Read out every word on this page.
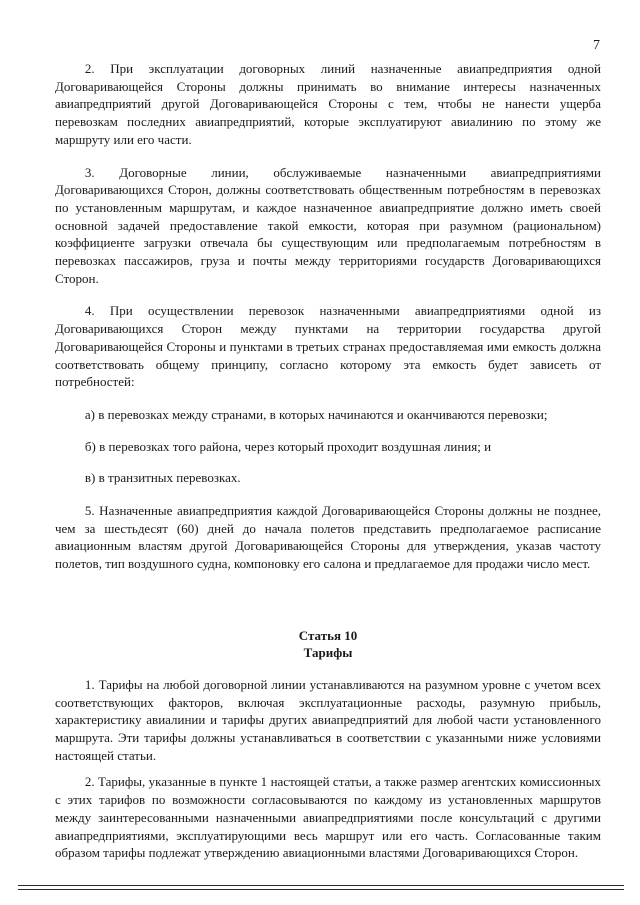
7

2. При эксплуатации договорных линий назначенные авиапредприятия одной Договаривающейся Стороны должны принимать во внимание интересы назначенных авиапредприятий другой Договаривающейся Стороны с тем, чтобы не нанести ущерба перевозкам последних авиапредприятий, которые эксплуатируют авиалинию по этому же маршруту или его части.

3. Договорные линии, обслуживаемые назначенными авиапредприятиями Договаривающихся Сторон, должны соответствовать общественным потребностям в перевозках по установленным маршрутам, и каждое назначенное авиапредприятие должно иметь своей основной задачей предоставление такой емкости, которая при разумном (рациональном) коэффициенте загрузки отвечала бы существующим или предполагаемым потребностям в перевозках пассажиров, груза и почты между территориями государств Договаривающихся Сторон.

4. При осуществлении перевозок назначенными авиапредприятиями одной из Договаривающихся Сторон между пунктами на территории государства другой Договаривающейся Стороны и пунктами в третьих странах предоставляемая ими емкость должна соответствовать общему принципу, согласно которому эта емкость будет зависеть от потребностей:

а) в перевозках между странами, в которых начинаются и оканчиваются перевозки;

б) в перевозках того района, через который проходит воздушная линия; и

в) в транзитных перевозках.

5. Назначенные авиапредприятия каждой Договаривающейся Стороны должны не позднее, чем за шестьдесят (60) дней до начала полетов представить предполагаемое расписание авиационным властям другой Договаривающейся Стороны для утверждения, указав частоту полетов, тип воздушного судна, компоновку его салона и предлагаемое для продажи число мест.

Статья 10

Тарифы

1. Тарифы на любой договорной линии устанавливаются на разумном уровне с учетом всех соответствующих факторов, включая эксплуатационные расходы, разумную прибыль, характеристику авиалинии и тарифы других авиапредприятий для любой части установленного маршрута. Эти тарифы должны устанавливаться в соответствии с указанными ниже условиями настоящей статьи.

2. Тарифы, указанные в пункте 1 настоящей статьи, а также размер агентских комиссионных с этих тарифов по возможности согласовываются по каждому из установленных маршрутов между заинтересованными назначенными авиапредприятиями после консультаций с другими авиапредприятиями, эксплуатирующими весь маршрут или его часть. Согласованные таким образом тарифы подлежат утверждению авиационными властями Договаривающихся Сторон.
